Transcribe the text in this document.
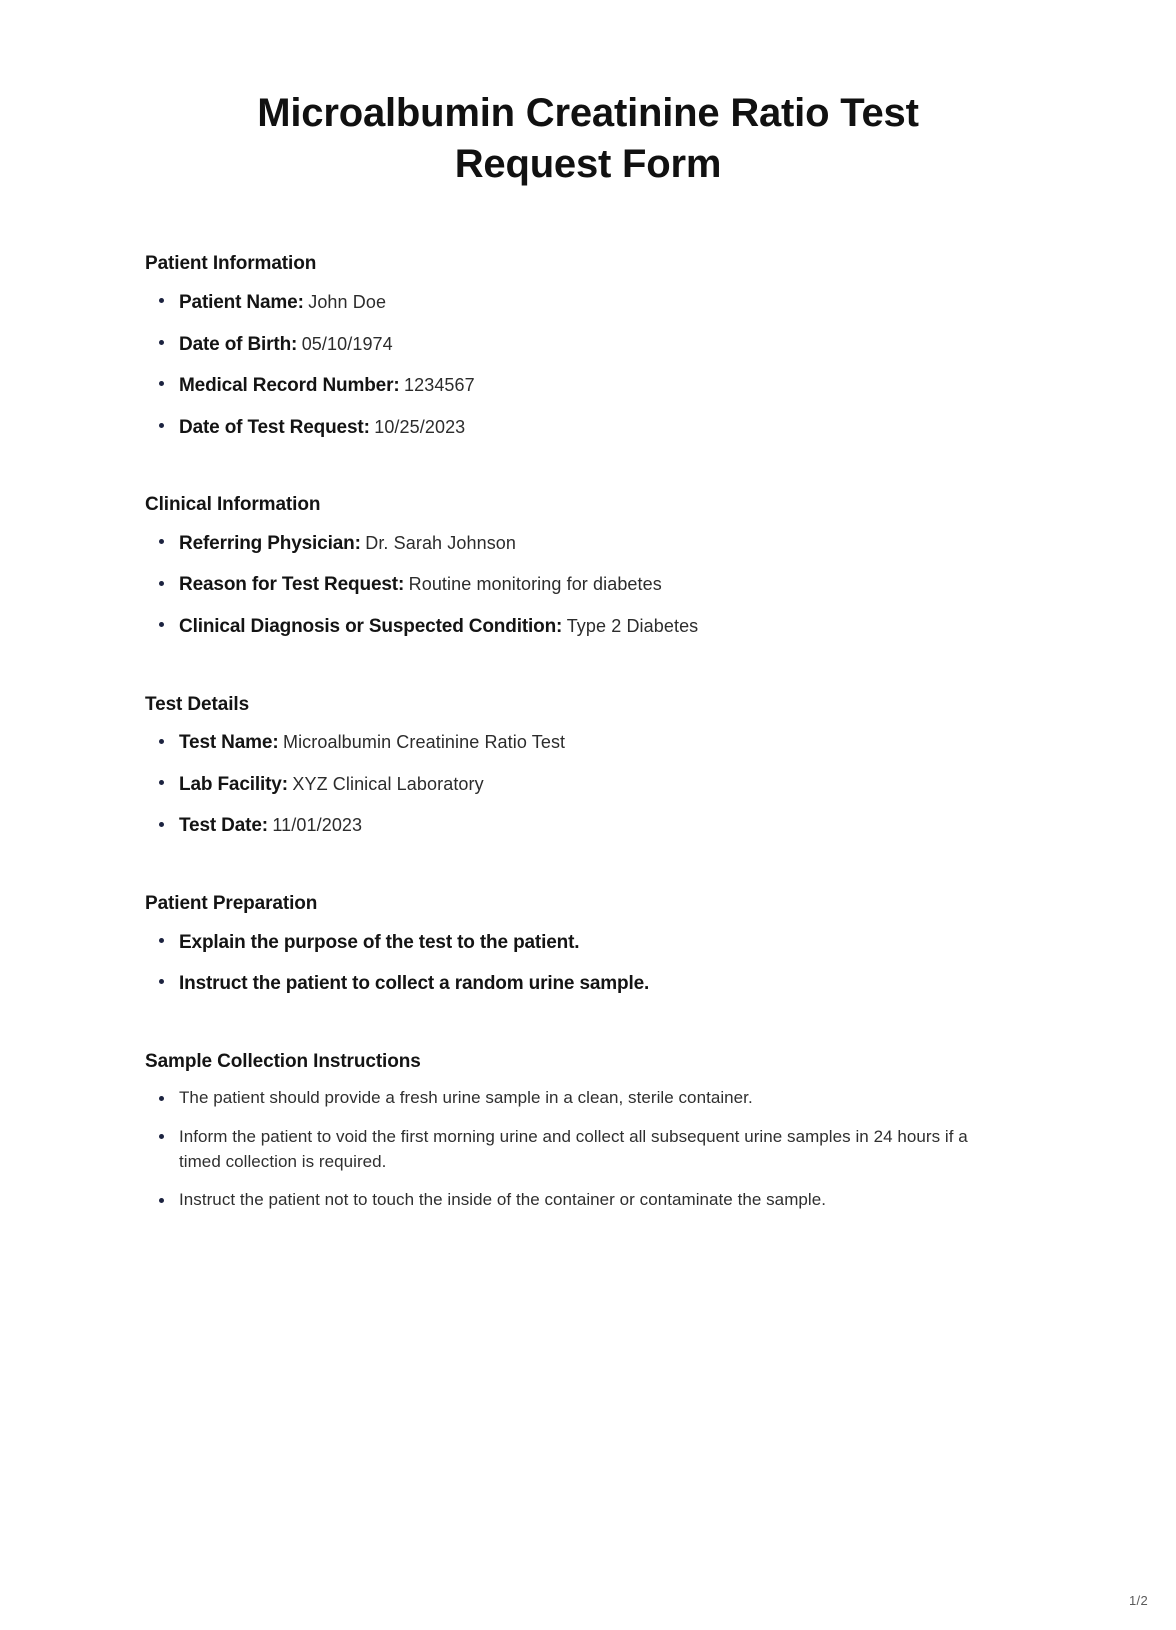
Microalbumin Creatinine Ratio Test Request Form
Patient Information
Patient Name: John Doe
Date of Birth: 05/10/1974
Medical Record Number: 1234567
Date of Test Request: 10/25/2023
Clinical Information
Referring Physician: Dr. Sarah Johnson
Reason for Test Request: Routine monitoring for diabetes
Clinical Diagnosis or Suspected Condition: Type 2 Diabetes
Test Details
Test Name: Microalbumin Creatinine Ratio Test
Lab Facility: XYZ Clinical Laboratory
Test Date: 11/01/2023
Patient Preparation
Explain the purpose of the test to the patient.
Instruct the patient to collect a random urine sample.
Sample Collection Instructions
The patient should provide a fresh urine sample in a clean, sterile container.
Inform the patient to void the first morning urine and collect all subsequent urine samples in 24 hours if a timed collection is required.
Instruct the patient not to touch the inside of the container or contaminate the sample.
1/2
